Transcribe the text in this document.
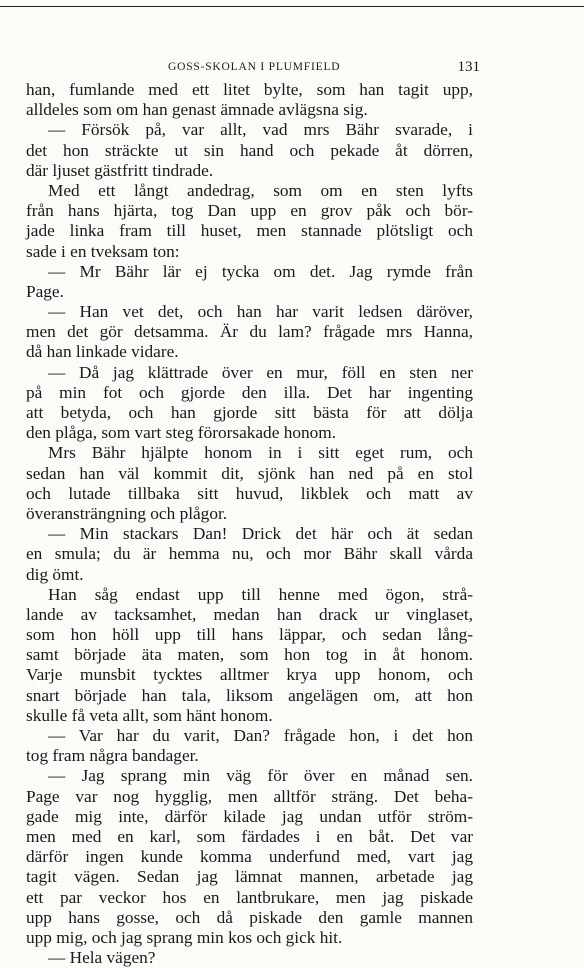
GOSS-SKOLAN I PLUMFIELD	131
han, fumlande med ett litet bylte, som han tagit upp,
alldeles som om han genast ämnade avlägsna sig.
— Försök på, var allt, vad mrs Bähr svarade, i
det hon sträckte ut sin hand och pekade åt dörren,
där ljuset gästfritt tindrade.
Med ett långt andedrag, som om en sten lyfts
från hans hjärta, tog Dan upp en grov påk och bör-
jade linka fram till huset, men stannade plötsligt och
sade i en tveksam ton:
— Mr Bähr lär ej tycka om det. Jag rymde från
Page.
— Han vet det, och han har varit ledsen däröver,
men det gör detsamma. Är du lam? frågade mrs Hanna,
då han linkade vidare.
— Då jag klättrade över en mur, föll en sten ner
på min fot och gjorde den illa. Det har ingenting
att betyda, och han gjorde sitt bästa för att dölja
den plåga, som vart steg förorsakade honom.
Mrs Bähr hjälpte honom in i sitt eget rum, och
sedan han väl kommit dit, sjönk han ned på en stol
och lutade tillbaka sitt huvud, likblek och matt av
överansträngning och plågor.
— Min stackars Dan! Drick det här och ät sedan
en smula; du är hemma nu, och mor Bähr skall vårda
dig ömt.
Han såg endast upp till henne med ögon, strå-
lande av tacksamhet, medan han drack ur vinglaset,
som hon höll upp till hans läppar, och sedan lång-
samt började äta maten, som hon tog in åt honom.
Varje munsbit tycktes alltmer krya upp honom, och
snart började han tala, liksom angelägen om, att hon
skulle få veta allt, som hänt honom.
— Var har du varit, Dan? frågade hon, i det hon
tog fram några bandager.
— Jag sprang min väg för över en månad sen.
Page var nog hygglig, men alltför sträng. Det beha-
gade mig inte, därför kilade jag undan utför ström-
men med en karl, som färdades i en båt. Det var
därför ingen kunde komma underfund med, vart jag
tagit vägen. Sedan jag lämnat mannen, arbetade jag
ett par veckor hos en lantbrukare, men jag piskade
upp hans gosse, och då piskade den gamle mannen
upp mig, och jag sprang min kos och gick hit.
— Hela vägen?
